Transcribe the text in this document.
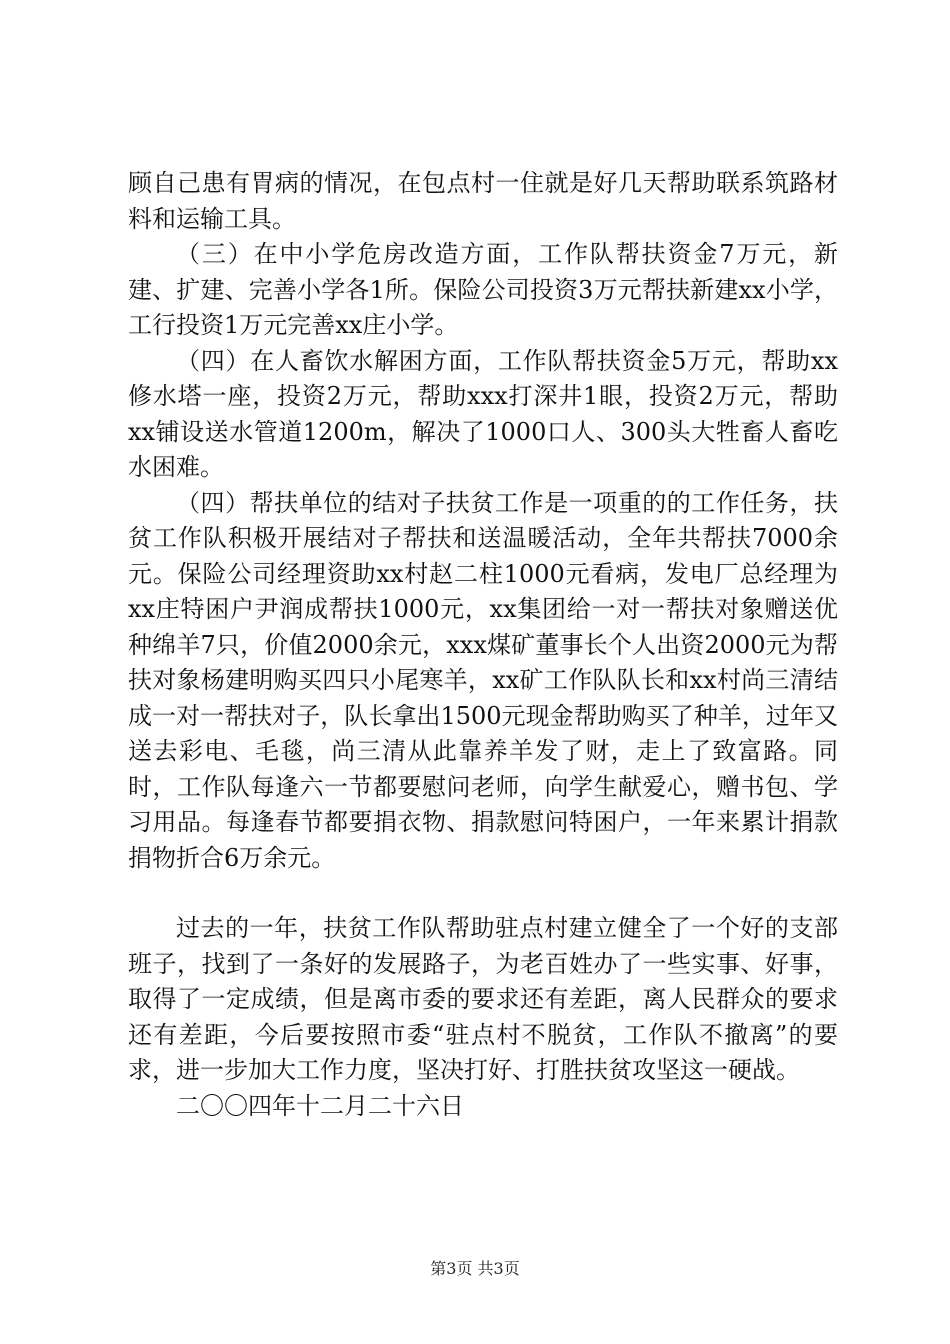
顾自己患有胃病的情况，在包点村一住就是好几天帮助联系筑路材料和运输工具。

（三）在中小学危房改造方面，工作队帮扶资金7万元，新建、扩建、完善小学各1所。保险公司投资3万元帮扶新建xx小学，工行投资1万元完善xx庄小学。

（四）在人畜饮水解困方面，工作队帮扶资金5万元，帮助xx修水塔一座，投资2万元，帮助xxx打深井1眼，投资2万元，帮助xx铺设送水管道1200m，解决了1000口人、300头大牲畜人畜吃水困难。

（四）帮扶单位的结对子扶贫工作是一项重的的工作任务，扶贫工作队积极开展结对子帮扶和送温暖活动，全年共帮扶7000余元。保险公司经理资助xx村赵二柱1000元看病，发电厂总经理为xx庄特困户尹润成帮扶1000元，xx集团给一对一帮扶对象赠送优种绵羊7只，价值2000余元，xxx煤矿董事长个人出资2000元为帮扶对象杨建明购买四只小尾寒羊，xx矿工作队队长和xx村尚三清结成一对一帮扶对子，队长拿出1500元现金帮助购买了种羊，过年又送去彩电、毛毯，尚三清从此靠养羊发了财，走上了致富路。同时，工作队每逢六一节都要慰问老师，向学生献爱心，赠书包、学习用品。每逢春节都要捐衣物、捐款慰问特困户，一年来累计捐款捐物折合6万余元。

过去的一年，扶贫工作队帮助驻点村建立健全了一个好的支部班子，找到了一条好的发展路子，为老百姓办了一些实事、好事，取得了一定成绩，但是离市委的要求还有差距，离人民群众的要求还有差距，今后要按照市委“驻点村不脱贫，工作队不撤离”的要求，进一步加大工作力度，坚决打好、打胜扶贫攻坚这一硬战。

二〇〇四年十二月二十六日

第3页 共3页
